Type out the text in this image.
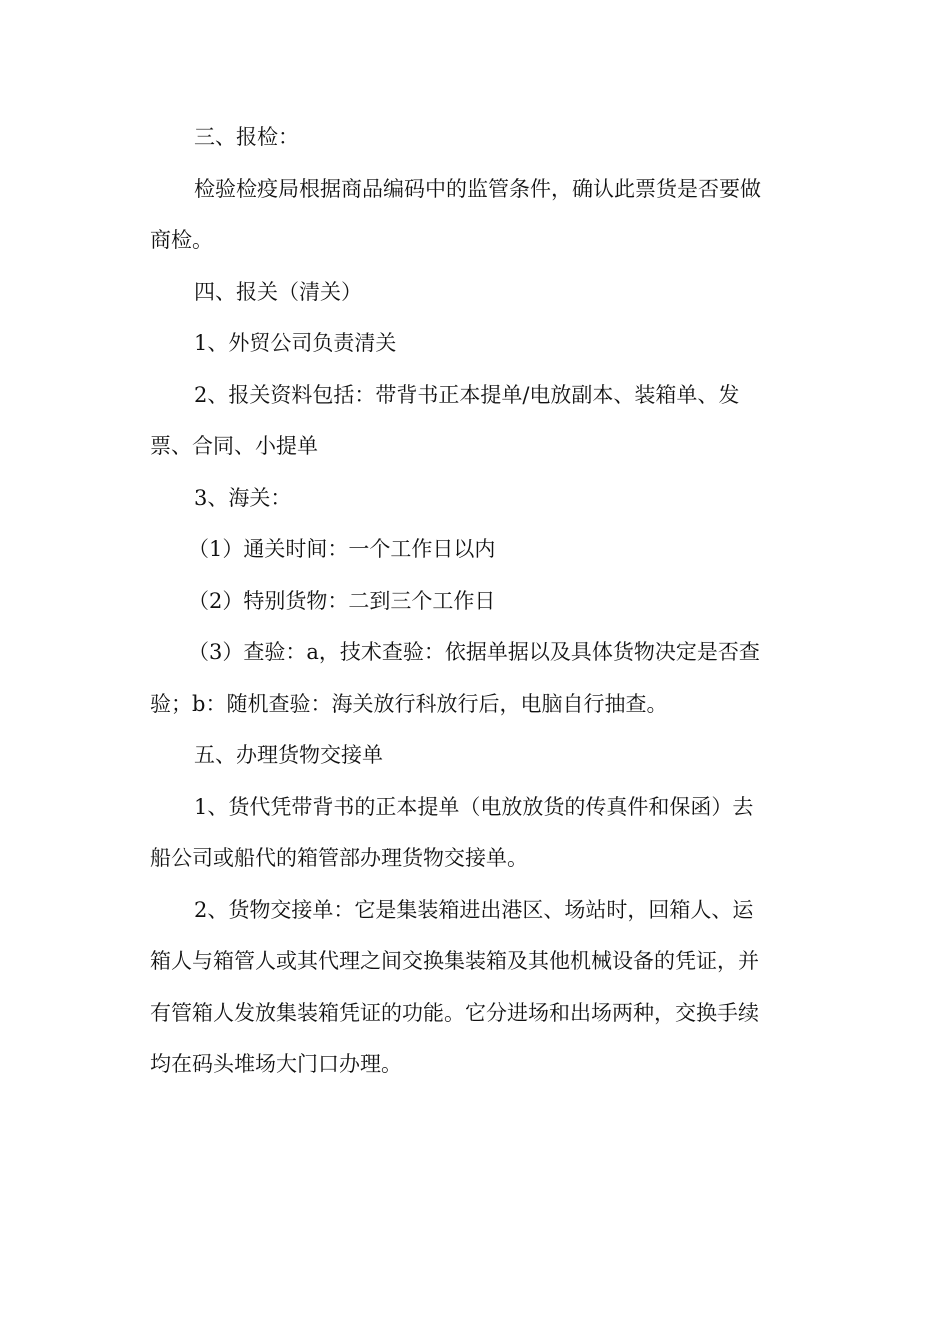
三、报检：
检验检疫局根据商品编码中的监管条件，确认此票货是否要做
商检。
四、报关（清关）
1、外贸公司负责清关
2、报关资料包括：带背书正本提单/电放副本、装箱单、发
票、合同、小提单
3、海关：
（1）通关时间：一个工作日以内
（2）特别货物：二到三个工作日
（3）查验：a，技术查验：依据单据以及具体货物决定是否查
验；b：随机查验：海关放行科放行后，电脑自行抽查。
五、办理货物交接单
1、货代凭带背书的正本提单（电放放货的传真件和保函）去
船公司或船代的箱管部办理货物交接单。
2、货物交接单：它是集装箱进出港区、场站时，回箱人、运
箱人与箱管人或其代理之间交换集装箱及其他机械设备的凭证，并
有管箱人发放集装箱凭证的功能。它分进场和出场两种，交换手续
均在码头堆场大门口办理。
